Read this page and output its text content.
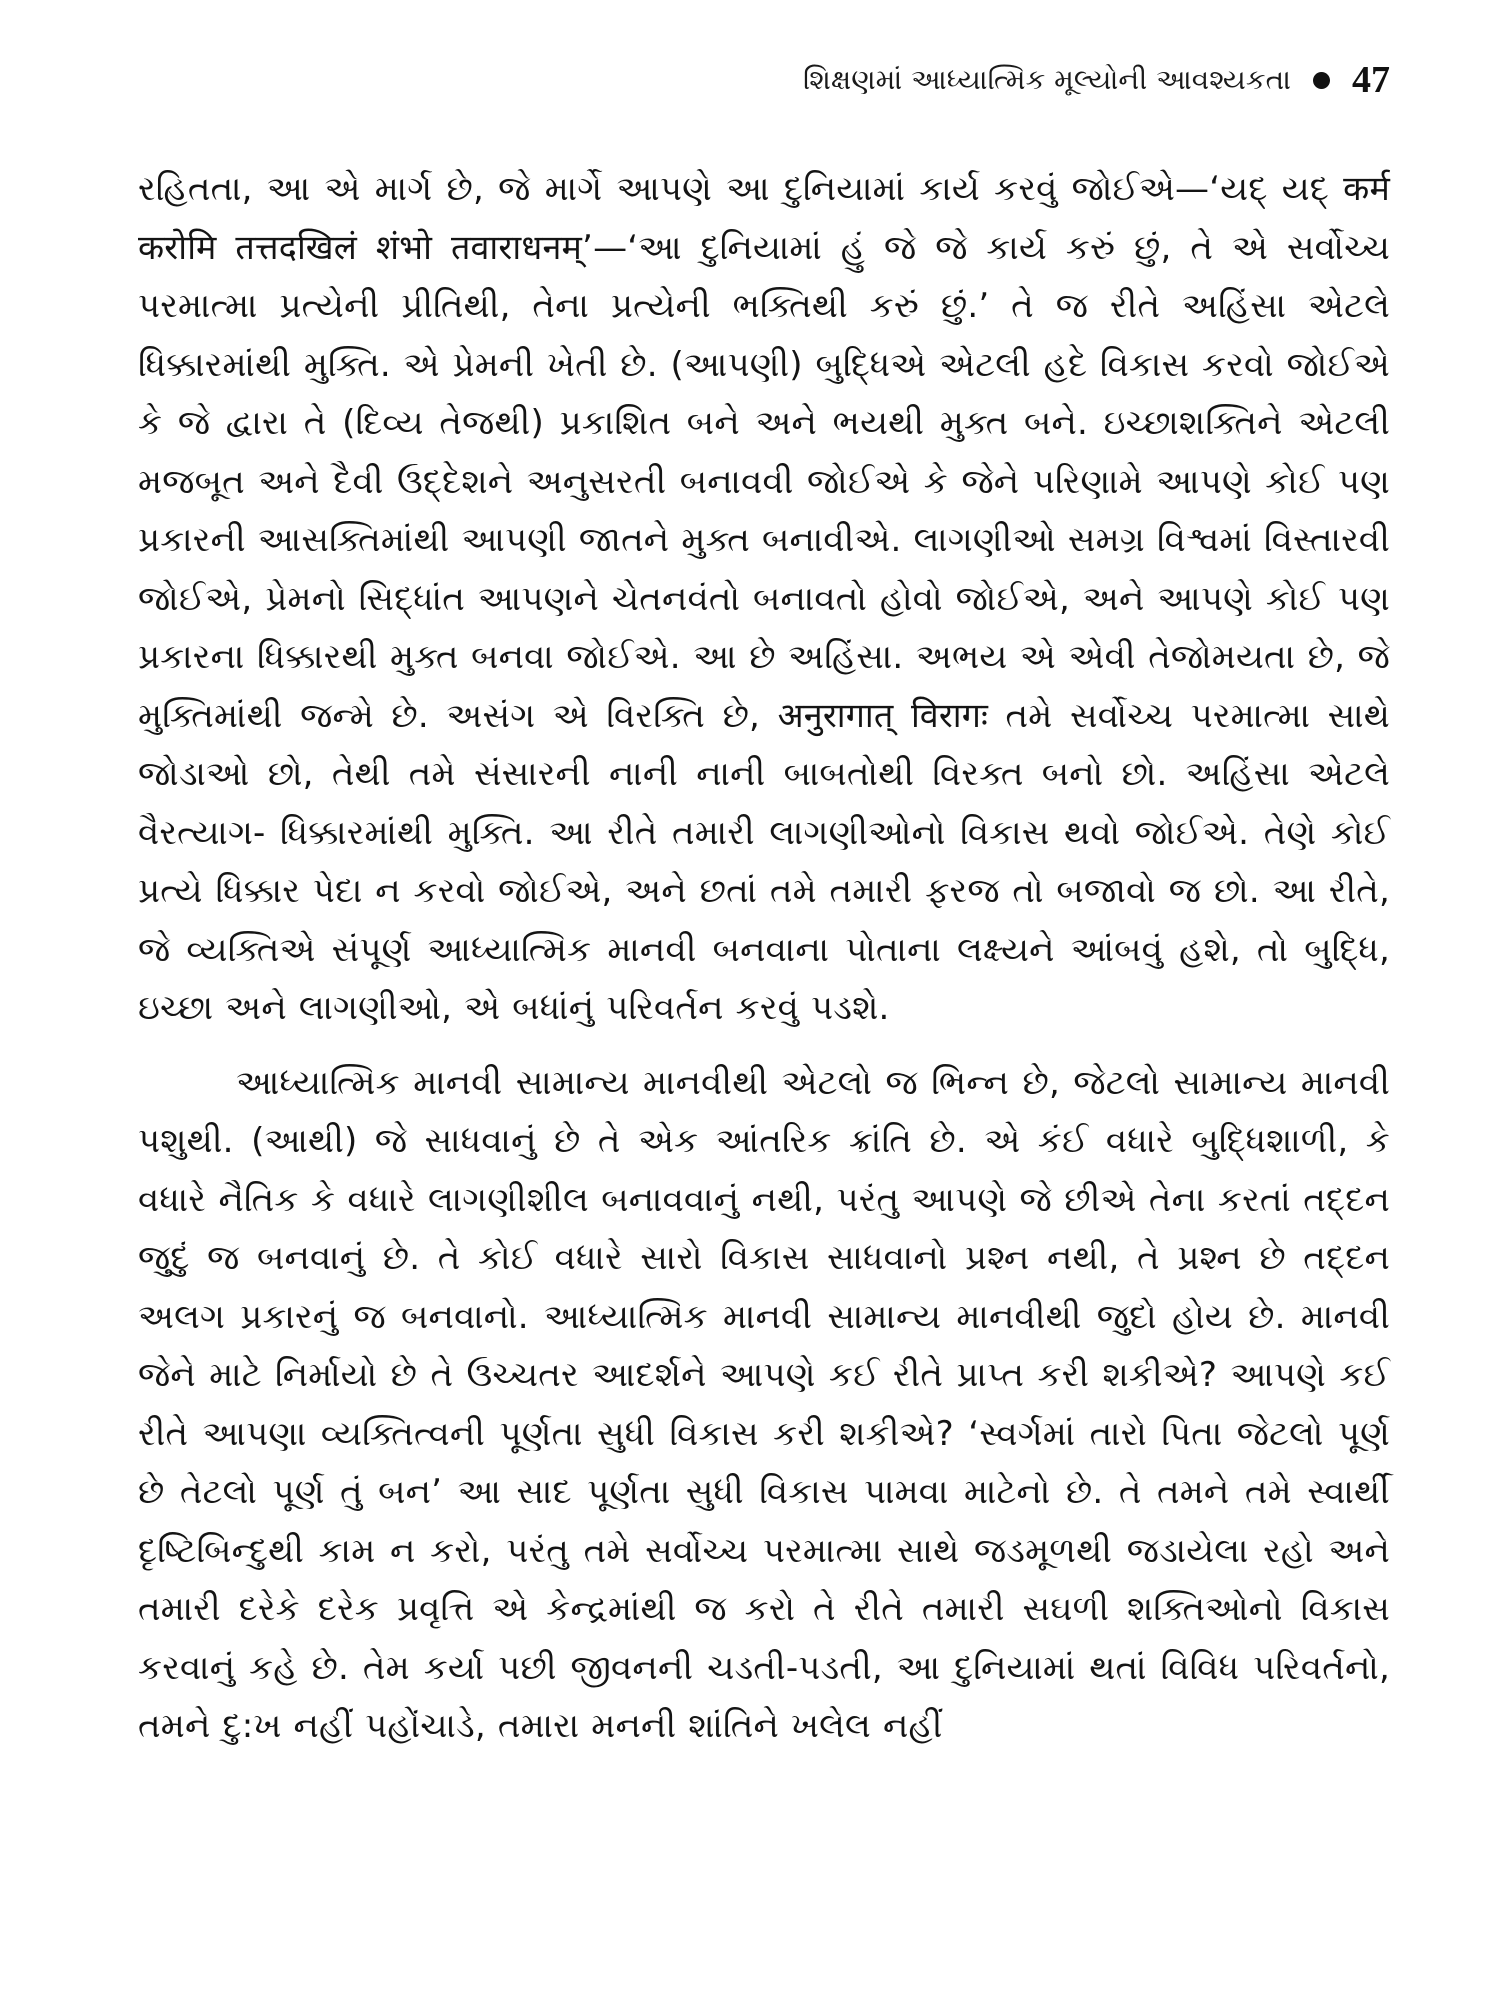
શિક્ષણમાં આધ્યાત્મિક મૂલ્યોની આવશ્યકતા 47

રહિતતા, આ એ માર્ગ છે, જે માર્ગે આપણે આ દુનિયામાં કાર્ય કરવું જોઈએ—‘યદ્ યદ્ कर्म करोमि तत्तदखिलं शंभो तवाराधनम्’—‘આ દુનિયામાં હું જે જે કાર્ય કરું છું, તે એ સર્વોચ્ચ પરમાત્મા પ્રત્યેની પ્રીતિથી, તેના પ્રત્યેની ભક્તિથી કરું છું.’ તે જ રીતે અહિંસા એટલે ધિક્કારમાંથી મુક્તિ. એ પ્રેમની ખેતી છે. (આપણી) બુદ્ધિએ એટલી હદે વિકાસ કરવો જોઈએ કે જે દ્વારા તે (દિવ્ય તેજથી) પ્રકાશિત બને અને ભયથી મુક્ત બને. ઇચ્છાશક્તિને એટલી મજબૂત અને દૈવી ઉદ્દેશને અનુસરતી બનાવવી જોઈએ કે જેને પરિણામે આપણે કોઈ પણ પ્રકારની આસક્તિમાંથી આપણી જાતને મુક્ત બનાવીએ. લાગણીઓ સમગ્ર વિશ્વમાં વિસ્તારવી જોઈએ, પ્રેમનો સિદ્ધાંત આપણને ચેતનવંતો બનાવતો હોવો જોઈએ, અને આપણે કોઈ પણ પ્રકારના ધિક્કારથી મુક્ત બનવા જોઈએ. આ છે અહિંસા. અભય એ એવી તેજોમયતા છે, જે મુક્તિમાંથી જન્મે છે. અસંગ એ વિરક્તિ છે, अनुरागात् विरागः તમે સર્વોચ્ચ પરમાત્મા સાથે જોડાઓ છો, તેથી તમે સંસારની નાની નાની બાબતોથી વિરક્ત બનો છો. અહિંસા એટલે વૈરત્યાગ- ધિક્કારમાંથી મુક્તિ. આ રીતે તમારી લાગણીઓનો વિકાસ થવો જોઈએ. તેણે કોઈ પ્રત્યે ધિક્કાર પેદા ન કરવો જોઈએ, અને છતાં તમે તમારી ફરજ તો બજાવો જ છો. આ રીતે, જે વ્યક્તિએ સંપૂર્ણ આધ્યાત્મિક માનવી બનવાના પોતાના લક્ષ્યને આંબવું હશે, તો બુદ્ધિ, ઇચ્છા અને લાગણીઓ, એ બધાંનું પરિવર્તન કરવું પડશે.

આધ્યાત્મિક માનવી સામાન્ય માનવીથી એટલો જ ભિન્ન છે, જેટલો સામાન્ય માનવી પશુથી. (આથી) જે સાધવાનું છે તે એક આંતરિક ક્રાંતિ છે. એ કંઈ વધારે બુદ્ધિશાળી, કે વધારે નૈતિક કે વધારે લાગણીશીલ બનાવવાનું નથી, પરંતુ આપણે જે છીએ તેના કરતાં તદ્દન જુદું જ બનવાનું છે. તે કોઈ વધારે સારો વિકાસ સાધવાનો પ્રશ્ન નથી, તે પ્રશ્ન છે તદ્દન અલગ પ્રકારનું જ બનવાનો. આધ્યાત્મિક માનવી સામાન્ય માનવીથી જુદો હોય છે. માનવી જેને માટે નિર્માયો છે તે ઉચ્ચતર આદર્શને આપણે કઈ રીતે પ્રાપ્ત કરી શકીએ? આપણે કઈ રીતે આપણા વ્યક્તિત્વની પૂર્ણતા સુધી વિકાસ કરી શકીએ? ‘સ્વર્ગમાં તારો પિતા જેટલો પૂર્ણ છે તેટલો પૂર્ણ તું બન’ આ સાદ પૂર્ણતા સુધી વિકાસ પામવા માટેનો છે. તે તમને તમે સ્વાર્થી દૃષ્ટિબિન્દુથી કામ ન કરો, પરંતુ તમે સર્વોચ્ચ પરમાત્મા સાથે જડમૂળથી જડાયેલા રહો અને તમારી દરેકે દરેક પ્રવૃત્તિ એ કેન્દ્રમાંથી જ કરો તે રીતે તમારી સઘળી શક્તિઓનો વિકાસ કરવાનું કહે છે. તેમ કર્યા પછી જીવનની ચડતી-પડતી, આ દુનિયામાં થતાં વિવિધ પરિવર્તનો, તમને દુ:ખ નહીં પહોંચાડે, તમારા મનની શાંતિને ખલેલ નહીં
